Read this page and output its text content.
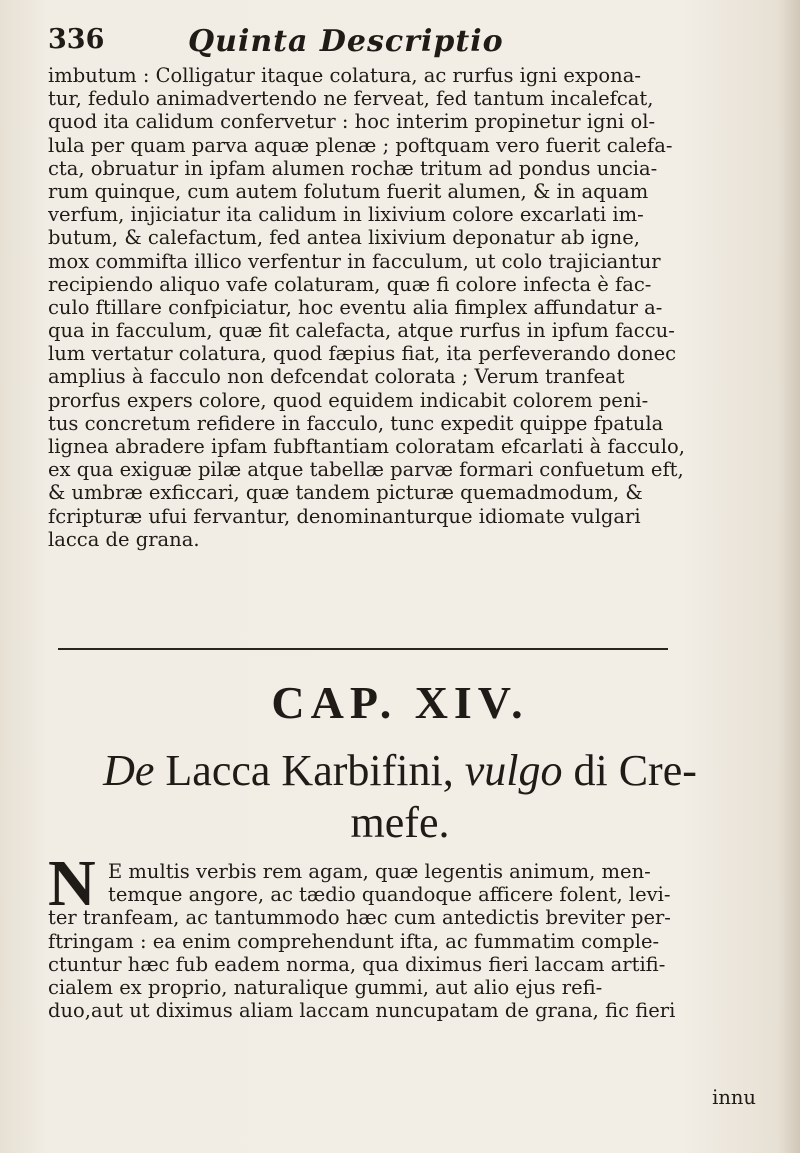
336	Quinta Descriptio
imbutum : Colligatur itaque colatura, ac rurfus igni expona-
tur, fedulo animadvertendo ne ferveat, fed tantum incalefcat,
quod ita calidum confervetur : hoc interim propinetur igni ol-
lula per quam parva aquæ plenæ ; poftquam vero fuerit calefa-
cta, obruatur in ipfam alumen rochæ tritum ad pondus uncia-
rum quinque, cum autem folutum fuerit alumen, & in aquam
verfum, injiciatur ita calidum in lixivium colore excarlati im-
butum, & calefactum, fed antea lixivium deponatur ab igne,
mox commifta illico verfentur in facculum, ut colo trajiciantur
recipiendo aliquo vafe colaturam, quæ fi colore infecta è fac-
culo ftillare confpiciatur, hoc eventu alia fimplex affundatur a-
qua in facculum, quæ fit calefacta, atque rurfus in ipfum faccu-
lum vertatur colatura, quod fæpius fiat, ita perfeverando donec
amplius à facculo non defcendat colorata ; Verum tranfeat
prorfus expers colore, quod equidem indicabit colorem peni-
tus concretum refidere in facculo, tunc expedit quippe fpatula
lignea abradere ipfam fubftantiam coloratam efcarlati à facculo,
ex qua exiguæ pilæ atque tabellæ parvæ formari confuetum eft,
& umbræ exficcari, quæ tandem picturæ quemadmodum, &
fcripturæ ufui fervantur, denominanturque idiomate vulgari
lacca de grana.
CAP. XIV.
De Lacca Karbifini, vulgo di Cre-
mefe.
N E multis verbis rem agam, quæ legentis animum, men-
temque angore, ac tædio quandoque afficere folent, levi-
ter tranfeam, ac tantummodo hæc cum antedictis breviter per-
ftringam : ea enim comprehendunt ifta, ac fummatim comple-
ctuntur hæc fub eadem norma, qua diximus fieri laccam artifi-
cialem ex proprio, naturalique gummi, aut alio ejus refi-
duo,aut ut diximus aliam laccam nuncupatam de grana, fic fieri
innu
